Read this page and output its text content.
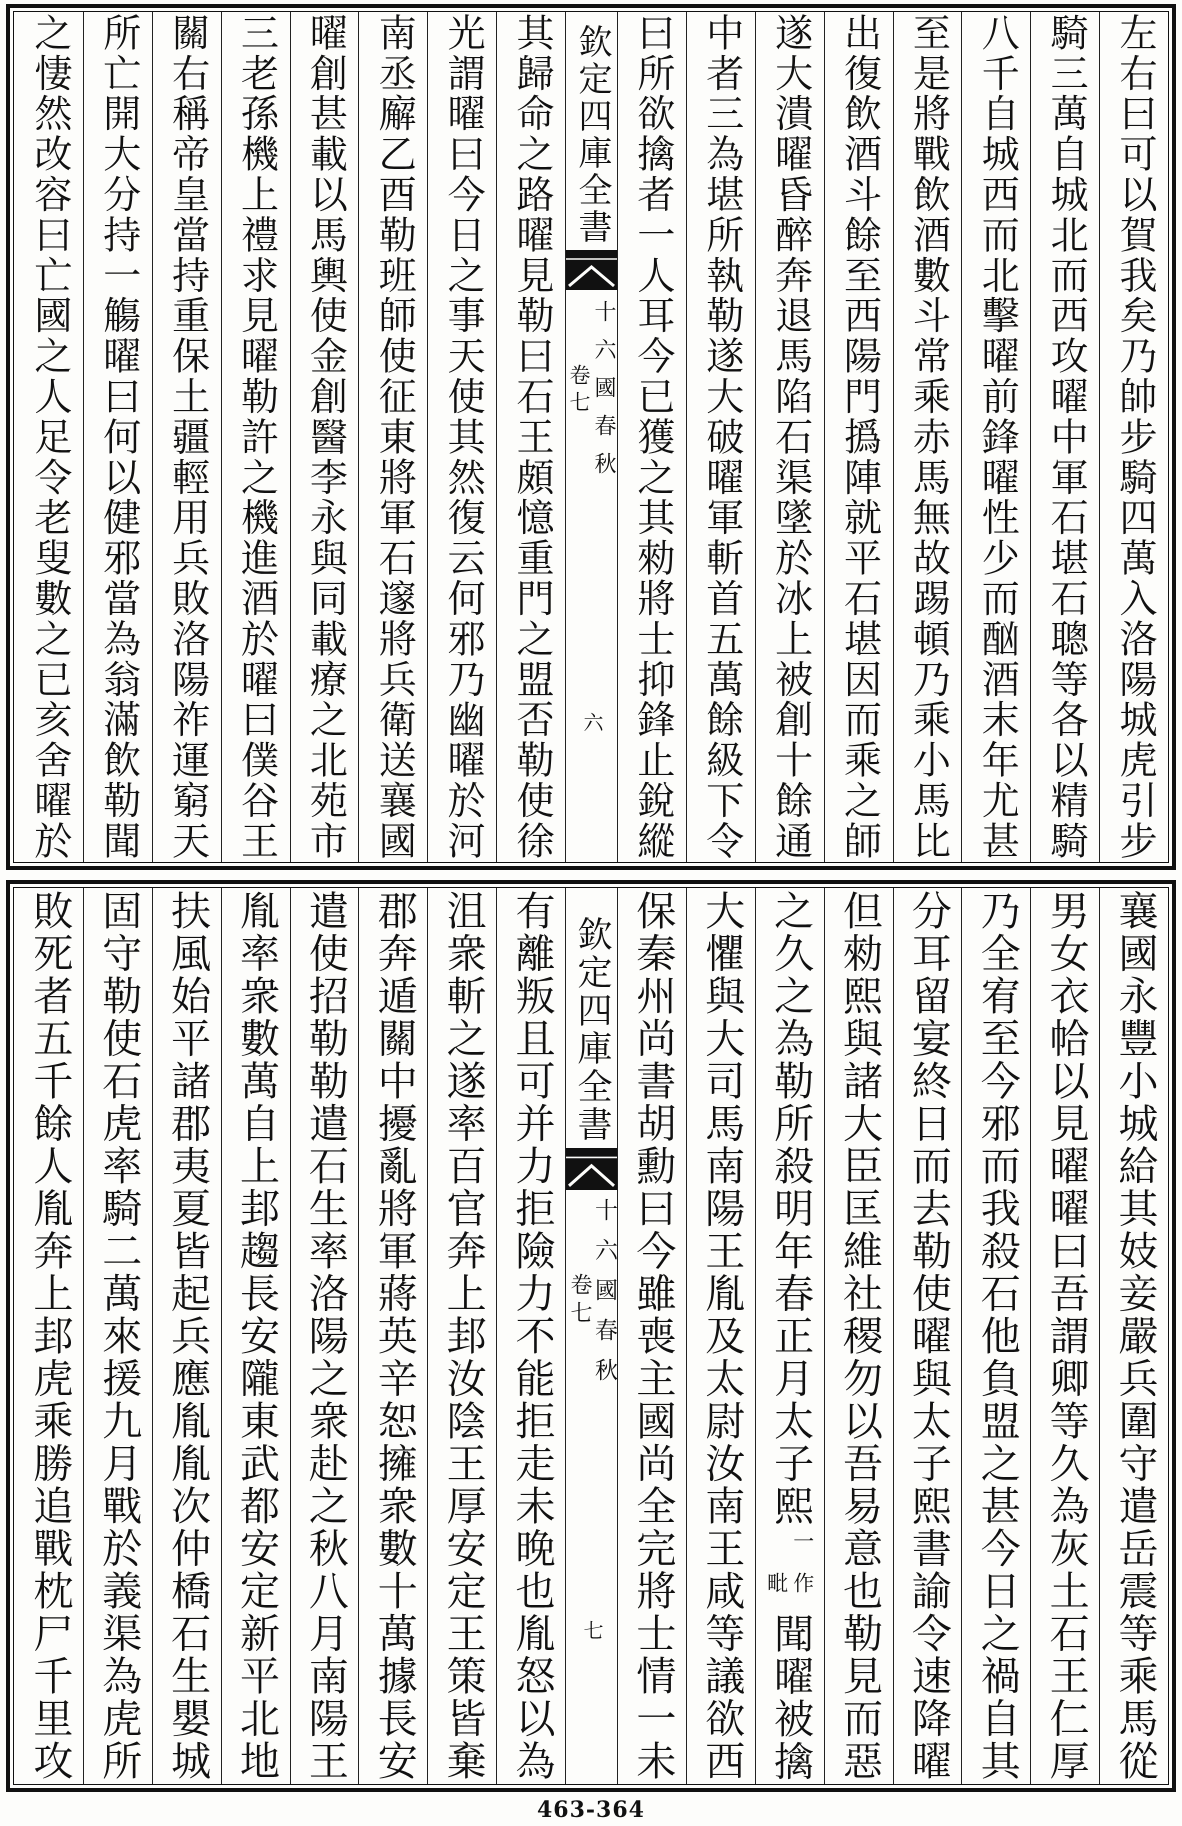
左右曰可以賀我矣乃帥步騎四萬入洛陽城虎引步
騎三萬自城北而西攻曜中軍石堪石聰等各以精騎
八千自城西而北擊曜前鋒曜性少而酗酒末年尤甚
至是將戰飲酒數斗常乘赤馬無故踢頓乃乘小馬比
出復飲酒斗餘至西陽門撝陣就平石堪因而乘之師
遂大潰曜昏醉奔退馬陷石渠墜於冰上被創十餘通
中者三為堪所執勒遂大破曜軍斬首五萬餘級下令
曰所欲擒者一人耳今已獲之其勑將士抑鋒止銳縱
欽定四庫全書
十六國春秋
卷七
六
其歸命之路曜見勒曰石王頗憶重門之盟否勒使徐
光謂曜曰今日之事天使其然復云何邪乃幽曜於河
南丞廨乙酉勒班師使征東將軍石邃將兵衛送襄國
曜創甚載以馬輿使金創醫李永與同載療之北苑市
三老孫機上禮求見曜勒許之機進酒於曜曰僕谷王
關右稱帝皇當持重保土疆輕用兵敗洛陽祚運窮天
所亡開大分持一觴曜曰何以健邪當為翁滿飲勒聞
之悽然改容曰亡國之人足令老叟數之已亥舍曜於
襄國永豐小城給其妓妾嚴兵圍守遣岳震等乘馬從
男女衣帢以見曜曜曰吾謂卿等久為灰土石王仁厚
乃全宥至今邪而我殺石他負盟之甚今日之禍自其
分耳留宴終日而去勒使曜與太子熙書諭令速降曜
但勑熙與諸大臣匡維社稷勿以吾易意也勒見而惡
之久之為勒所殺明年春正月太子熙
一作
毗
聞曜被擒
大懼與大司馬南陽王胤及太尉汝南王咸等議欲西
保秦州尚書胡勳曰今雖喪主國尚全完將士情一未
欽定四庫全書
十六國春秋
卷七
七
有離叛且可并力拒險力不能拒走未晚也胤怒以為
沮衆斬之遂率百官奔上邽汝陰王厚安定王策皆棄
郡奔遁關中擾亂將軍蔣英辛恕擁衆數十萬據長安
遣使招勒勒遣石生率洛陽之衆赴之秋八月南陽王
胤率衆數萬自上邽趨長安隴東武都安定新平北地
扶風始平諸郡夷夏皆起兵應胤胤次仲橋石生嬰城
固守勒使石虎率騎二萬來援九月戰於義渠為虎所
敗死者五千餘人胤奔上邽虎乘勝追戰枕尸千里攻
463-364
